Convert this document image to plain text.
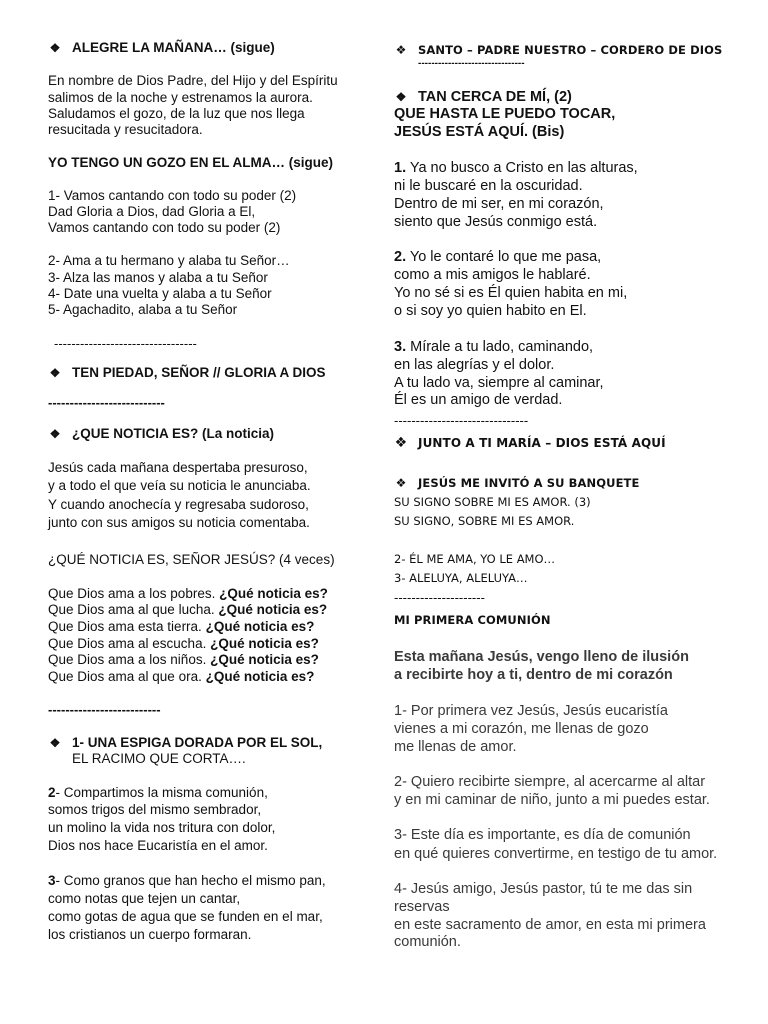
❖ ALEGRE LA MAÑANA… (sigue)
En nombre de Dios Padre, del Hijo y del Espíritu
salimos de la noche y estrenamos la aurora.
Saludamos el gozo, de la luz que nos llega
resucitada y resucitadora.
YO TENGO UN GOZO EN EL ALMA… (sigue)
1- Vamos cantando con todo su poder (2)
Dad Gloria a Dios, dad Gloria a El,
Vamos cantando con todo su poder (2)
2- Ama a tu hermano y alaba tu Señor…
3- Alza las manos y alaba a tu Señor
4- Date una vuelta y alaba a tu Señor
5- Agachadito, alaba a tu Señor
---------------------------------
❖ TEN PIEDAD, SEÑOR // GLORIA A DIOS
---------------------------
❖ ¿QUE NOTICIA ES? (La noticia)
Jesús cada mañana despertaba presuroso,
y a todo el que veía su noticia le anunciaba.
Y cuando anochecía y regresaba sudoroso,
junto con sus amigos su noticia comentaba.
¿QUÉ NOTICIA ES, SEÑOR JESÚS? (4 veces)
Que Dios ama a los pobres. ¿Qué noticia es?
Que Dios ama al que lucha. ¿Qué noticia es?
Que Dios ama esta tierra. ¿Qué noticia es?
Que Dios ama al escucha. ¿Qué noticia es?
Que Dios ama a los niños. ¿Qué noticia es?
Que Dios ama al que ora. ¿Qué noticia es?
--------------------------
❖ 1- UNA ESPIGA DORADA POR EL SOL,
EL RACIMO QUE CORTA….
2- Compartimos la misma comunión,
somos trigos del mismo sembrador,
un molino la vida nos tritura con dolor,
Dios nos hace Eucaristía en el amor.
3- Como granos que han hecho el mismo pan,
como notas que tejen un cantar,
como gotas de agua que se funden en el mar,
los cristianos un cuerpo formaran.
❖ SANTO – PADRE NUESTRO – CORDERO DE DIOS
--------------------------------
❖ TAN CERCA DE MÍ, (2)
QUE HASTA LE PUEDO TOCAR,
JESÚS ESTÁ AQUÍ. (Bis)
1. Ya no busco a Cristo en las alturas,
ni le buscaré en la oscuridad.
Dentro de mi ser, en mi corazón,
siento que Jesús conmigo está.
2. Yo le contaré lo que me pasa,
como a mis amigos le hablaré.
Yo no sé si es Él quien habita en mi,
o si soy yo quien habito en El.
3. Mírale a tu lado, caminando,
en las alegrías y el dolor.
A tu lado va, siempre al caminar,
Él es un amigo de verdad.
-------------------------------
❖ JUNTO A TI MARÍA – DIOS ESTÁ AQUÍ
❖ JESÚS ME INVITÓ A SU BANQUETE
SU SIGNO SOBRE MI ES AMOR. (3)
SU SIGNO, SOBRE MI ES AMOR.
2- ÉL ME AMA, YO LE AMO…
3- ALELUYA, ALELUYA…
---------------------
MI PRIMERA COMUNIÓN
Esta mañana Jesús, vengo lleno de ilusión
a recibirte hoy a ti, dentro de mi corazón
1- Por primera vez Jesús, Jesús eucaristía
vienes a mi corazón, me llenas de gozo
me llenas de amor.
2- Quiero recibirte siempre, al acercarme al altar
y en mi caminar de niño, junto a mi puedes estar.
3- Este día es importante, es día de comunión
en qué quieres convertirme, en testigo de tu amor.
4- Jesús amigo, Jesús pastor, tú te me das sin
reservas
en este sacramento de amor, en esta mi primera
comunión.
